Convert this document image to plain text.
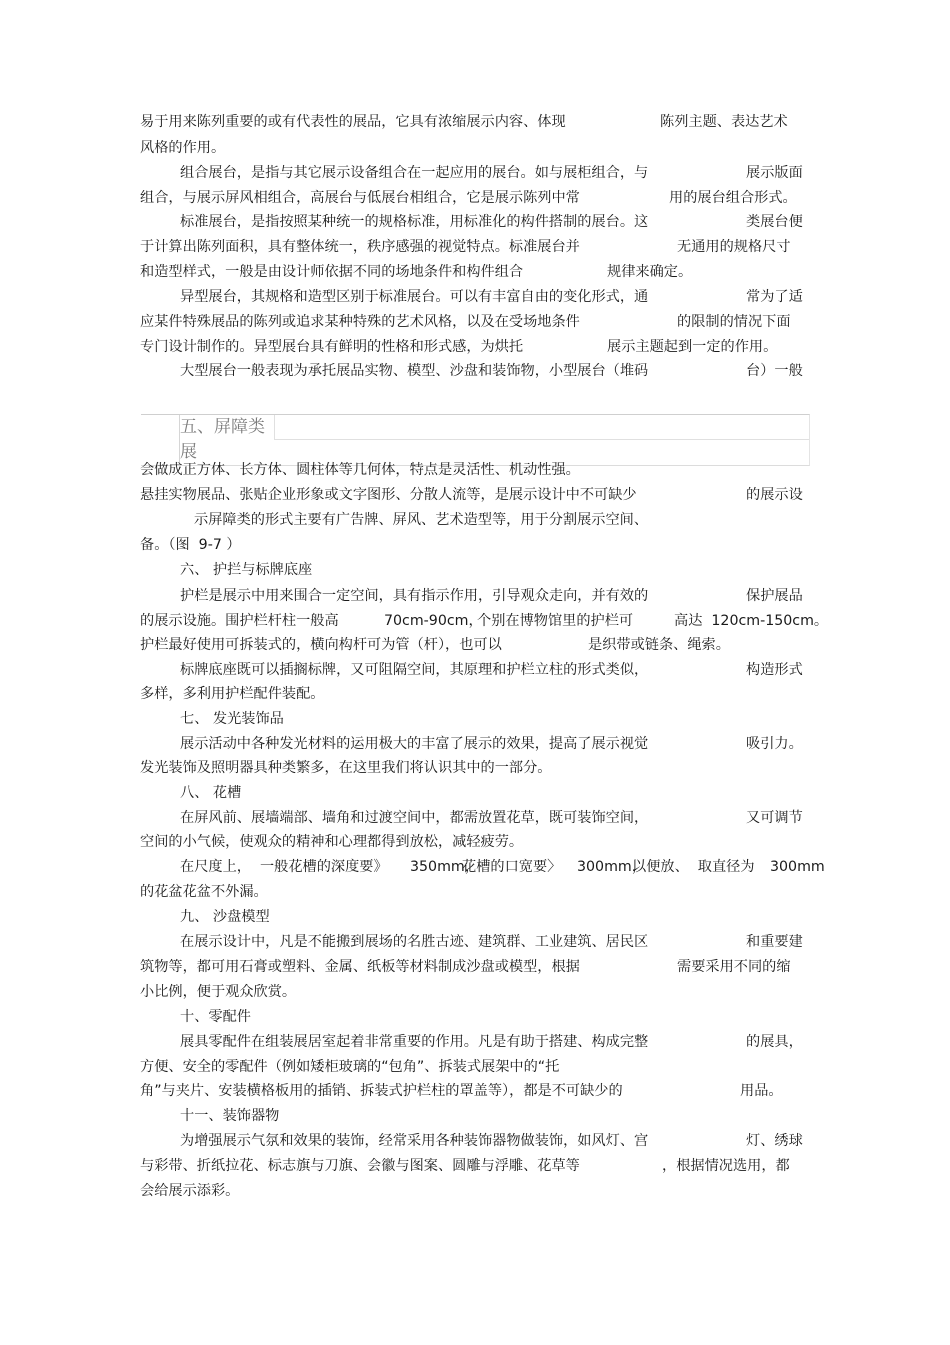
五、屏障类
展
易于用来陈列重要的或有代表性的展品，它具有浓缩展示内容、体现	陈列主题、表达艺术
风格的作用。
组合展台，是指与其它展示设备组合在一起应用的展台。如与展柜组合，与	展示版面
组合，与展示屏风相组合，高展台与低展台相组合，它是展示陈列中常	用的展台组合形式。
标准展台，是指按照某种统一的规格标准，用标准化的构件搭制的展台。这	类展台便
于计算出陈列面积，具有整体统一，秩序感强的视觉特点。标准展台并	无通用的规格尺寸
和造型样式，一般是由设计师依据不同的场地条件和构件组合	规律来确定。
异型展台，其规格和造型区别于标准展台。可以有丰富自由的变化形式，通	常为了适
应某件特殊展品的陈列或追求某种特殊的艺术风格，以及在受场地条件	的限制的情况下面
专门设计制作的。异型展台具有鲜明的性格和形式感，为烘托	展示主题起到一定的作用。
大型展台一般表现为承托展品实物、模型、沙盘和装饰物，小型展台（堆码	台）一般
会做成正方体、长方体、圆柱体等几何体，特点是灵活性、机动性强。
悬挂实物展品、张贴企业形象或文字图形、分散人流等，是展示设计中不可缺少	的展示设
示屏障类的形式主要有广告牌、屏风、艺术造型等，用于分割展示空间、
备。（图  9-7 ）
六、 护拦与标牌底座
护栏是展示中用来围合一定空间，具有指示作用，引导观众走向，并有效的	保护展品
的展示设施。围护栏杆柱一般高	70cm-90cm，
个别在博物馆里的护栏可	高达  120cm-150cm。
护栏最好使用可拆装式的，横向构杆可为管（杆），也可以	是织带或链条、绳索。
标牌底座既可以插搁标牌，又可阻隔空间，其原理和护栏立柱的形式类似，	构造形式
多样，多利用护栏配件装配。
七、 发光装饰品
展示活动中各种发光材料的运用极大的丰富了展示的效果，提高了展示视觉	吸引力。
发光装饰及照明器具种类繁多，在这里我们将认识其中的一部分。
八、 花槽
在屏风前、展墙端部、墙角和过渡空间中，都需放置花草，既可装饰空间，	又可调节
空间的小气候，使观众的精神和心理都得到放松，减轻疲劳。
在尺度上，  一般花槽的深度要》 350mm，
花槽的口宽要〉 300mm，
以便放、  取直径为 300mm
的花盆花盆不外漏。
九、 沙盘模型
在展示设计中，凡是不能搬到展场的名胜古迹、建筑群、工业建筑、居民区	和重要建
筑物等，都可用石膏或塑料、金属、纸板等材料制成沙盘或模型，根据	需要采用不同的缩
小比例，便于观众欣赏。
十、零配件
展具零配件在组装展居室起着非常重要的作用。凡是有助于搭建、构成完整	的展具，
方便、安全的零配件（例如矮柜玻璃的“包角”、拆装式展架中的“托
角”与夹片、安装横格板用的插销、拆装式护栏柱的罩盖等），都是不可缺少的	用品。
十一、装饰器物
为增强展示气氛和效果的装饰，经常采用各种装饰器物做装饰，如风灯、宫	灯、绣球
与彩带、折纸拉花、标志旗与刀旗、会徽与图案、圆雕与浮雕、花草等	，根据情况选用，都
会给展示添彩。
